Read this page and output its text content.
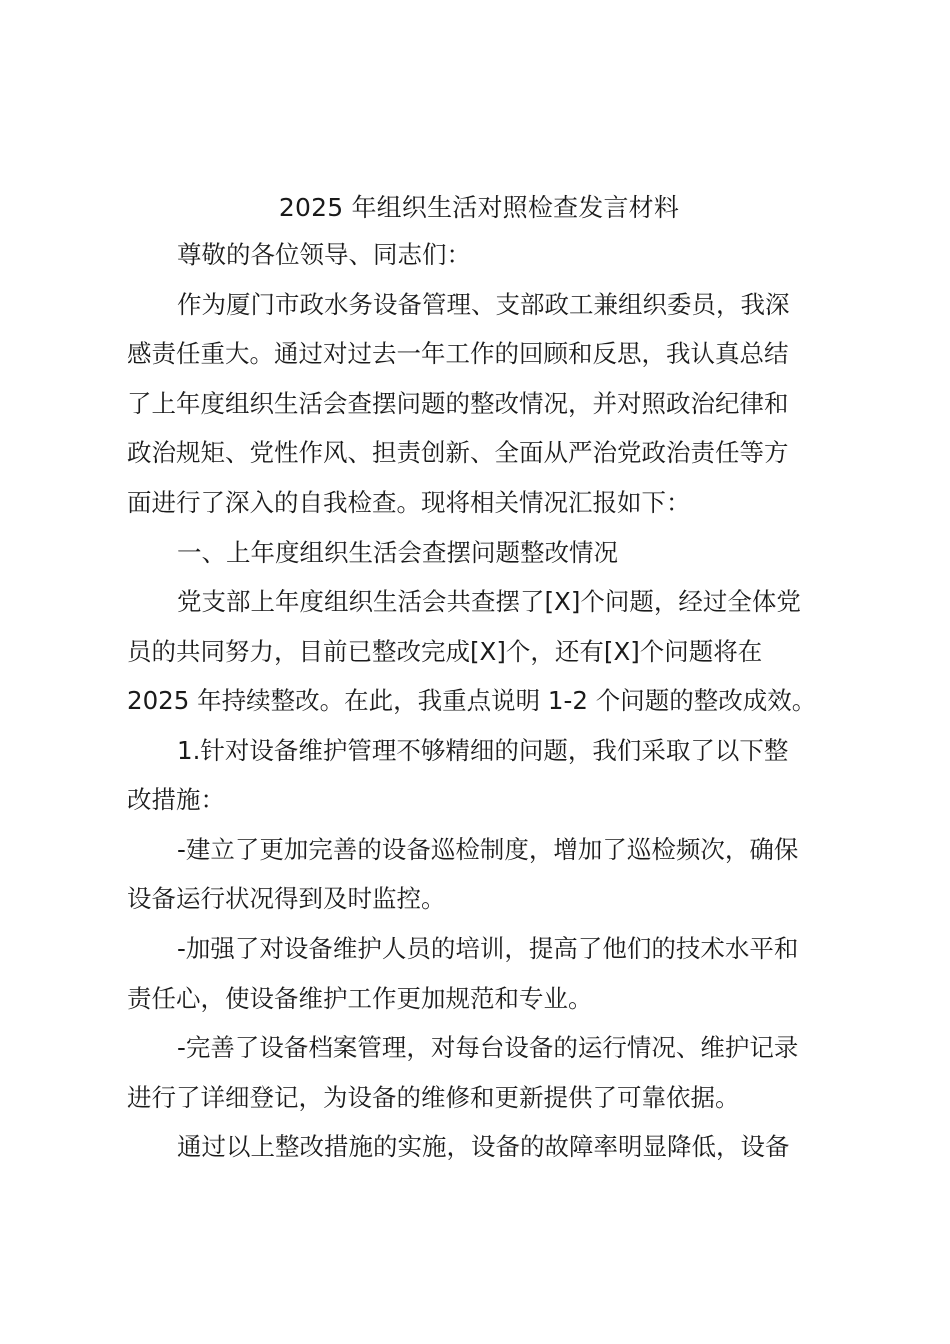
2025 年组织生活对照检查发言材料
尊敬的各位领导、同志们：
作为厦门市政水务设备管理、支部政工兼组织委员，我深
感责任重大。通过对过去一年工作的回顾和反思，我认真总结
了上年度组织生活会查摆问题的整改情况，并对照政治纪律和
政治规矩、党性作风、担责创新、全面从严治党政治责任等方
面进行了深入的自我检查。现将相关情况汇报如下：
一、上年度组织生活会查摆问题整改情况
党支部上年度组织生活会共查摆了[X]个问题，经过全体党
员的共同努力，目前已整改完成[X]个，还有[X]个问题将在
2025 年持续整改。在此，我重点说明 1-2 个问题的整改成效。
1.针对设备维护管理不够精细的问题，我们采取了以下整
改措施：
-建立了更加完善的设备巡检制度，增加了巡检频次，确保
设备运行状况得到及时监控。
-加强了对设备维护人员的培训，提高了他们的技术水平和
责任心，使设备维护工作更加规范和专业。
-完善了设备档案管理，对每台设备的运行情况、维护记录
进行了详细登记，为设备的维修和更新提供了可靠依据。
通过以上整改措施的实施，设备的故障率明显降低，设备
